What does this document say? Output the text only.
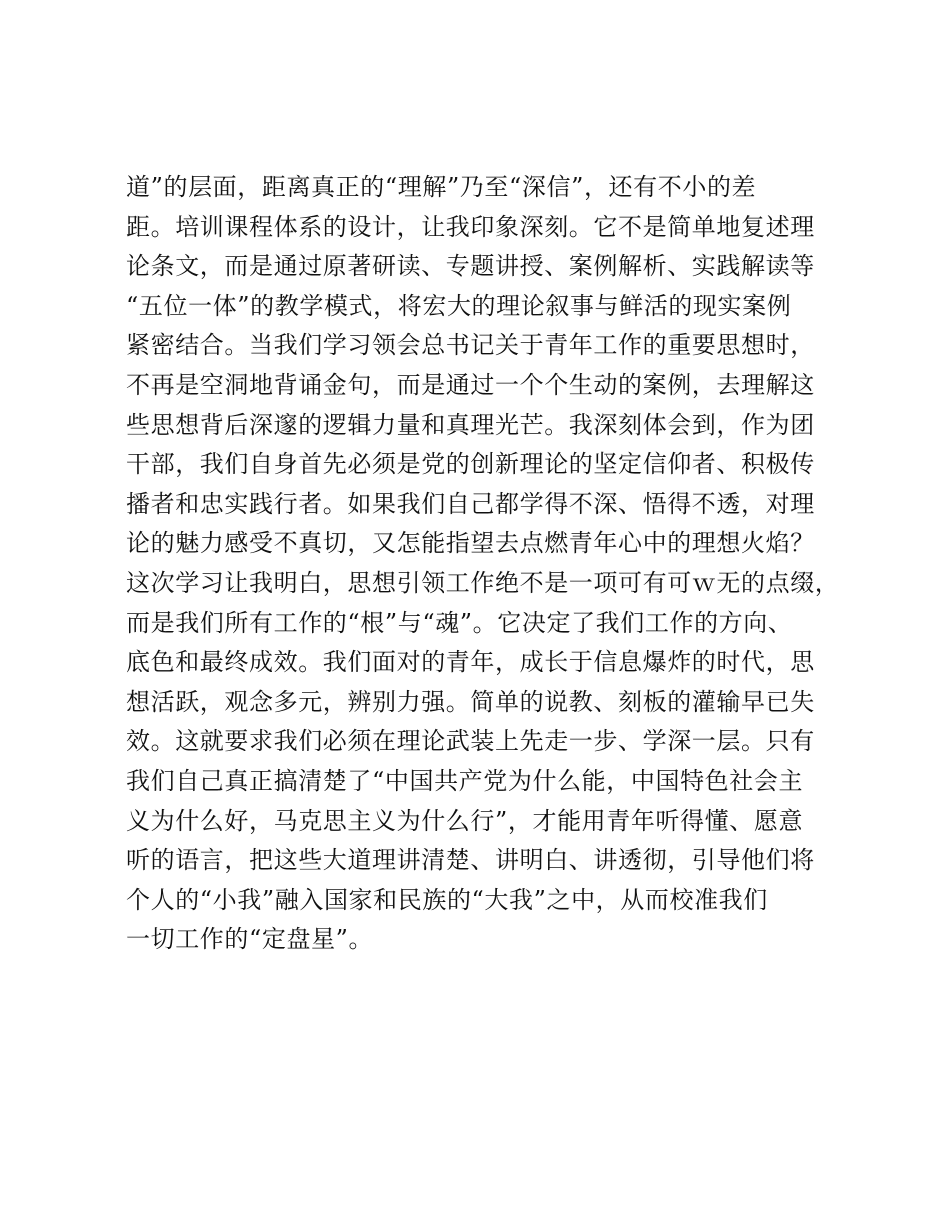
道”的层面，距离真正的“理解”乃至“深信”，还有不小的差
距。培训课程体系的设计，让我印象深刻。它不是简单地复述理
论条文，而是通过原著研读、专题讲授、案例解析、实践解读等
“五位一体”的教学模式，将宏大的理论叙事与鲜活的现实案例
紧密结合。当我们学习领会总书记关于青年工作的重要思想时，
不再是空洞地背诵金句，而是通过一个个生动的案例，去理解这
些思想背后深邃的逻辑力量和真理光芒。我深刻体会到，作为团
干部，我们自身首先必须是党的创新理论的坚定信仰者、积极传
播者和忠实践行者。如果我们自己都学得不深、悟得不透，对理
论的魅力感受不真切，又怎能指望去点燃青年心中的理想火焰？
这次学习让我明白，思想引领工作绝不是一项可有可ｗ无的点缀，
而是我们所有工作的“根”与“魂”。它决定了我们工作的方向、
底色和最终成效。我们面对的青年，成长于信息爆炸的时代，思
想活跃，观念多元，辨别力强。简单的说教、刻板的灌输早已失
效。这就要求我们必须在理论武装上先走一步、学深一层。只有
我们自己真正搞清楚了“中国共产党为什么能，中国特色社会主
义为什么好，马克思主义为什么行”，才能用青年听得懂、愿意
听的语言，把这些大道理讲清楚、讲明白、讲透彻，引导他们将
个人的“小我”融入国家和民族的“大我”之中，从而校准我们
一切工作的“定盘星”。
